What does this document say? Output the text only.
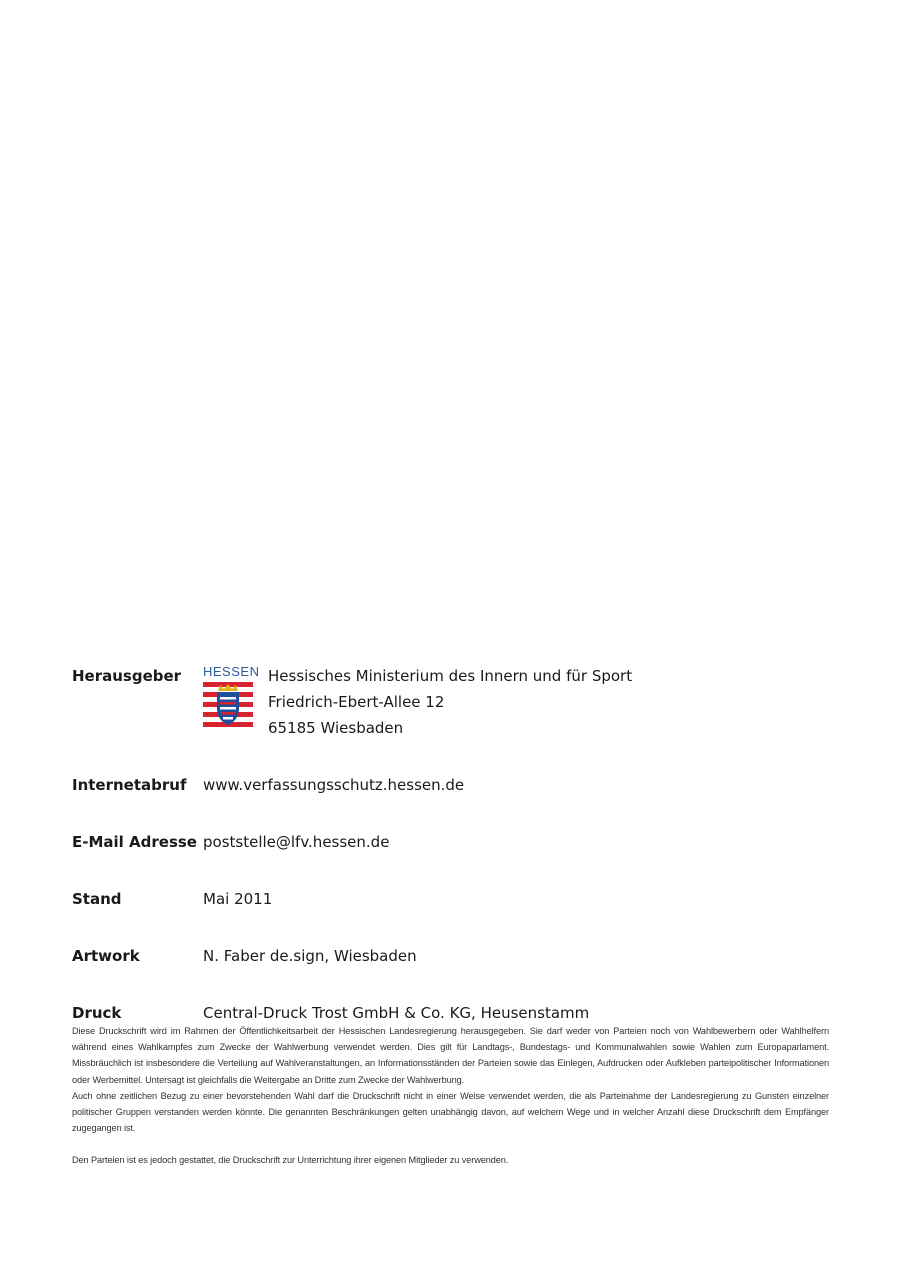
Herausgeber	HESSEN Hessisches Ministerium des Innern und für Sport
Friedrich-Ebert-Allee 12
65185 Wiesbaden
Internetabruf	www.verfassungsschutz.hessen.de
E-Mail Adresse poststelle@lfv.hessen.de
Stand	Mai 2011
Artwork	N. Faber de.sign, Wiesbaden
Druck	Central-Druck Trost GmbH & Co. KG, Heusenstamm

Diese Druckschrift wird im Rahmen der Öffentlichkeitsarbeit der Hessischen Landesregierung herausgegeben. Sie darf weder von Parteien noch von Wahlbewerbern oder Wahlhelfern während eines Wahlkampfes zum Zwecke der Wahlwerbung verwendet werden. Dies gilt für Landtags-, Bundestags- und Kommunalwahlen sowie Wahlen zum Europaparlament. Missbräuchlich ist insbesondere die Verteilung auf Wahlveranstaltungen, an Informationsständen der Parteien sowie das Einlegen, Aufdrucken oder Aufkleben parteipolitischer Informationen oder Werbemittel. Untersagt ist gleichfalls die Weitergabe an Dritte zum Zwecke der Wahlwerbung.

Auch ohne zeitlichen Bezug zu einer bevorstehenden Wahl darf die Druckschrift nicht in einer Weise verwendet werden, die als Parteinahme der Landesregierung zu Gunsten einzelner politischer Gruppen verstanden werden könnte. Die genannten Beschränkungen gelten unabhängig davon, auf welchem Wege und in welcher Anzahl diese Druckschrift dem Empfänger zugegangen ist.

Den Parteien ist es jedoch gestattet, die Druckschrift zur Unterrichtung ihrer eigenen Mitglieder zu verwenden.
